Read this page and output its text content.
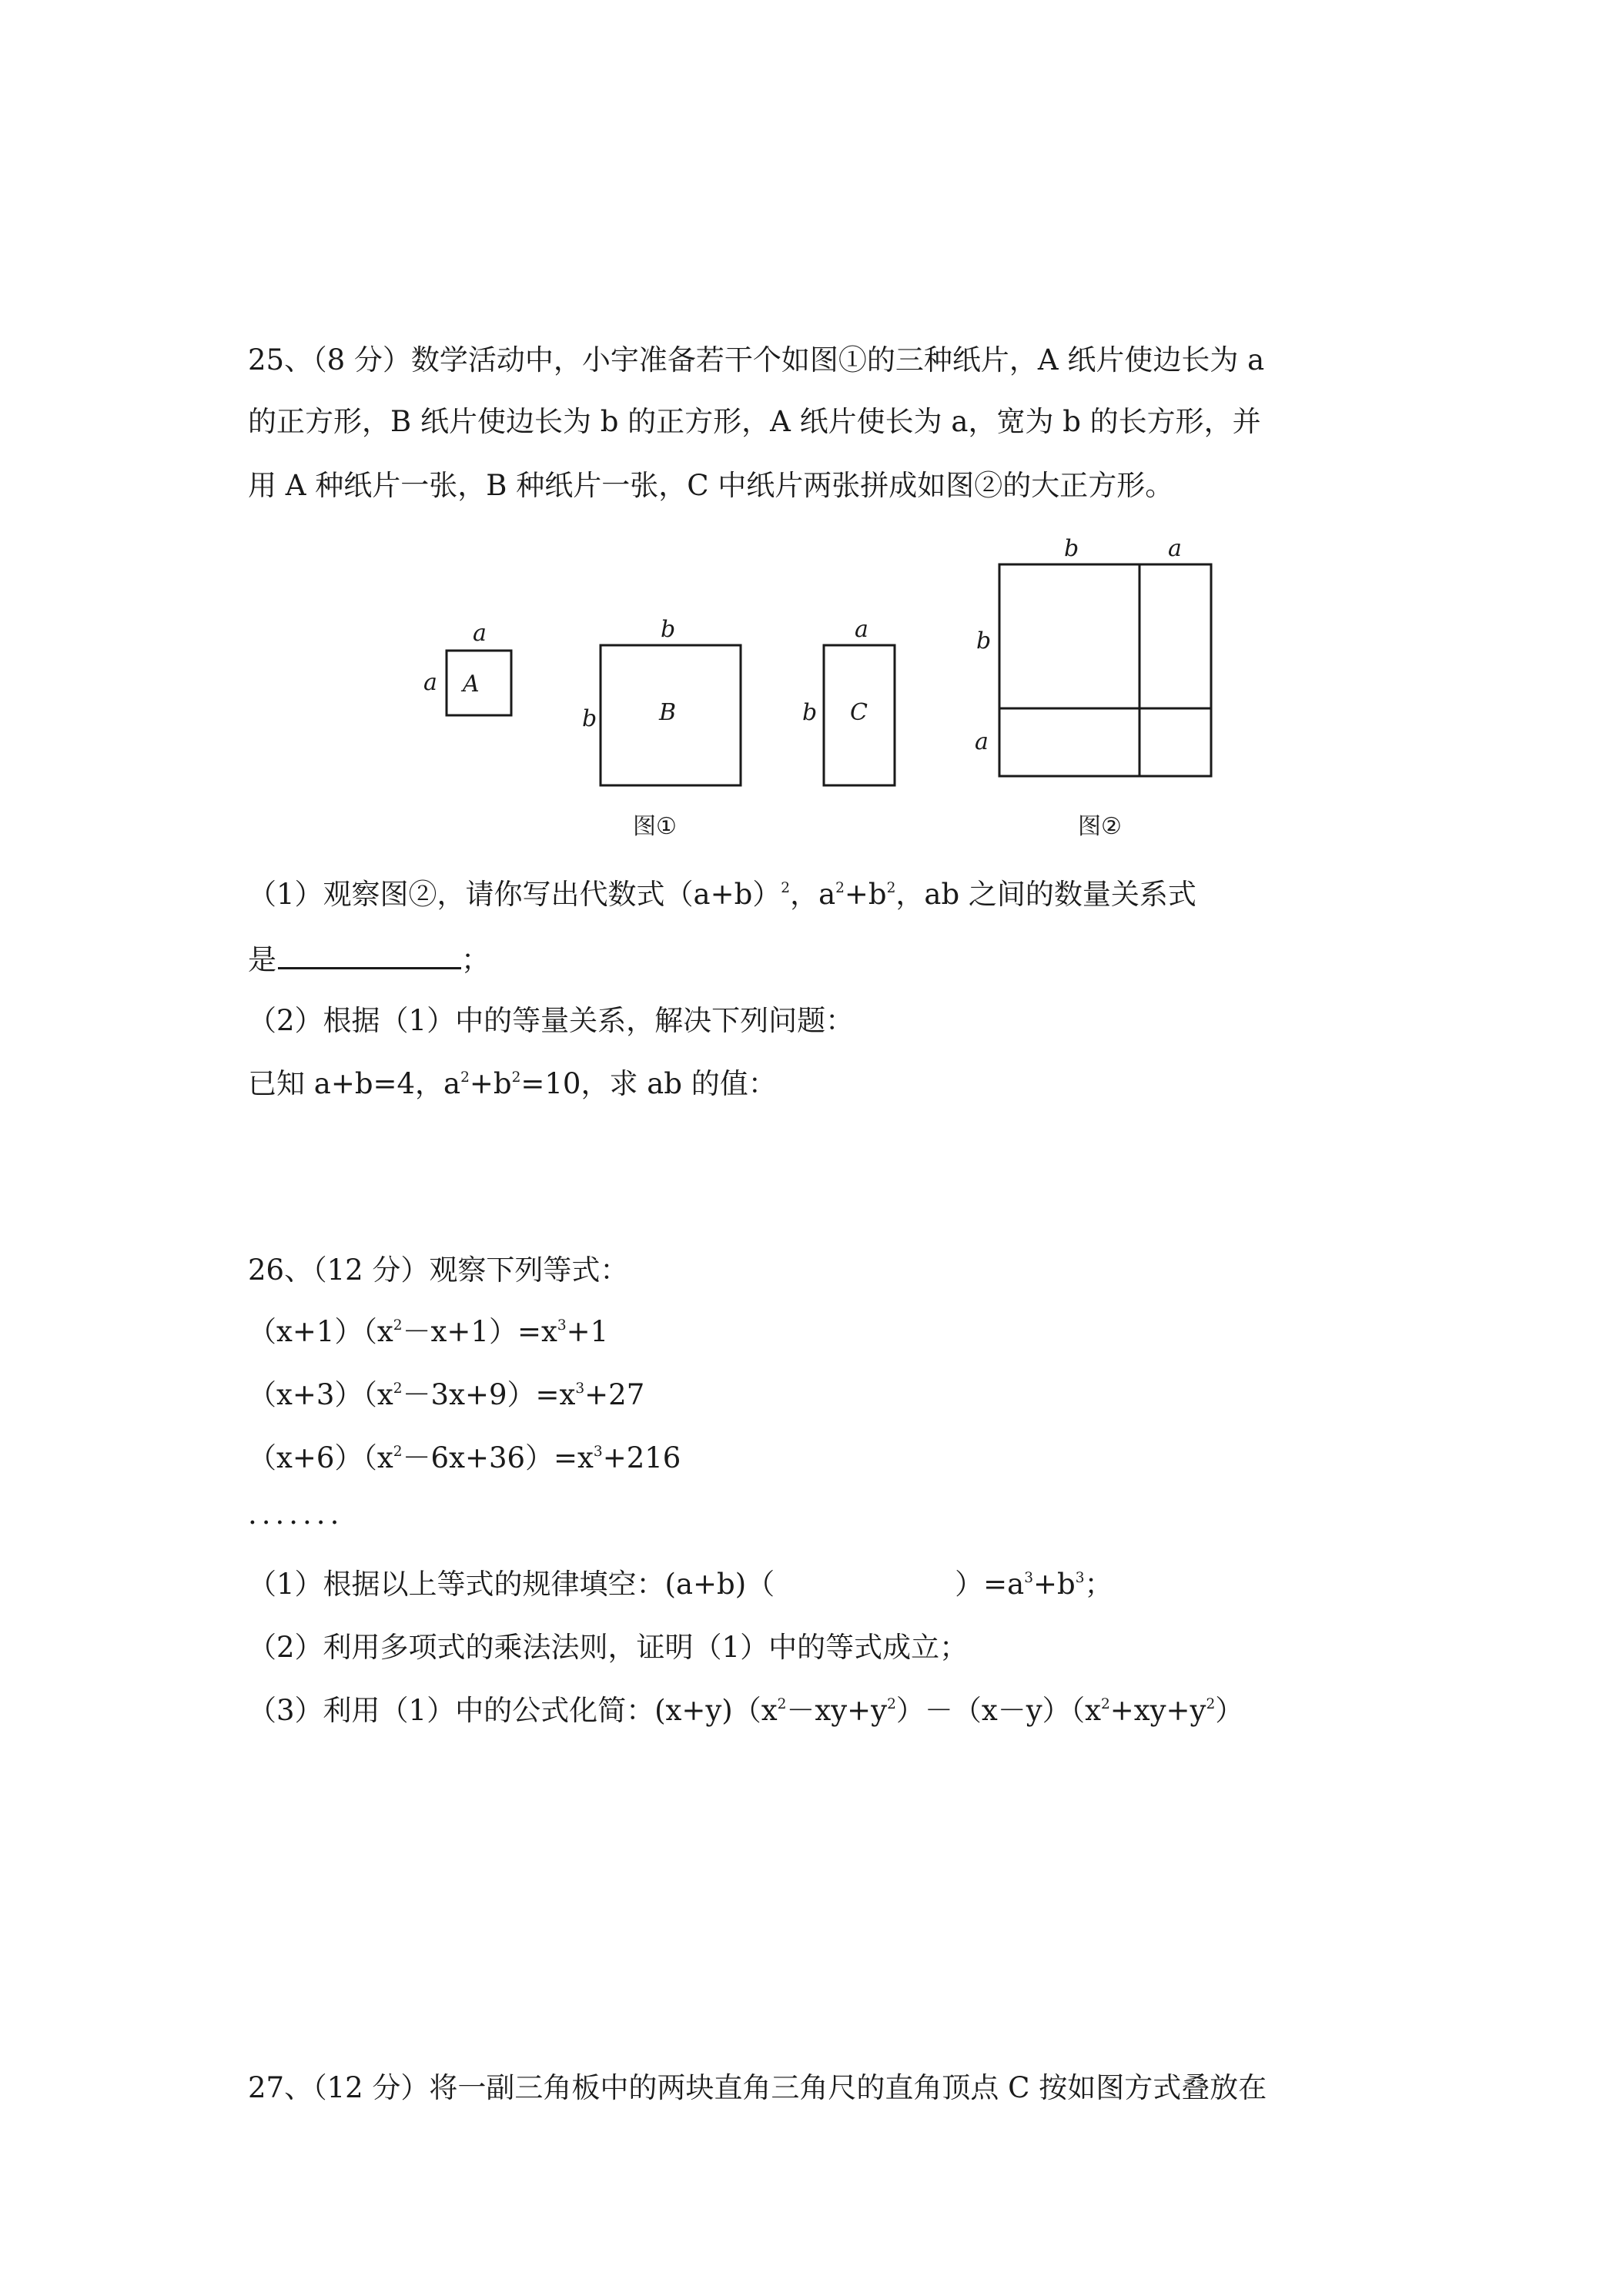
25、（8 分）数学活动中，小宇准备若干个如图①的三种纸片，A 纸片使边长为 a
的正方形，B 纸片使边长为 b 的正方形，A 纸片使长为 a，宽为 b 的长方形，并
用 A 种纸片一张，B 种纸片一张，C 中纸片两张拼成如图②的大正方形。
a
a A
b
b	B
a
b C
b	a
b
a
图①	图②
（1）观察图②，请你写出代数式$(a+b)^2$，$a^2+b^2$，ab 之间的数量关系式
是	；
（2）根据（1）中的等量关系，解决下列问题：
已知 a+b=4，$a^2+b^2=10$，求 ab 的值：
26、（12 分）观察下列等式：
$(x+1)(x^2-x+1)=x^3+1$
$(x+3)(x^2-3x+9)=x^3+27$
$(x+6)(x^2-6x+36)=x^3+216$
.......
（1）根据以上等式的规律填空：(a+b)（	）$=a^3+b^3$；
（2）利用多项式的乘法法则，证明（1）中的等式成立；
（3）利用（1）中的公式化简：$(x+y)(x^2-xy+y^2)-(x-y)(x^2+xy+y^2)$
27、（12 分）将一副三角板中的两块直角三角尺的直角顶点 C 按如图方式叠放在
